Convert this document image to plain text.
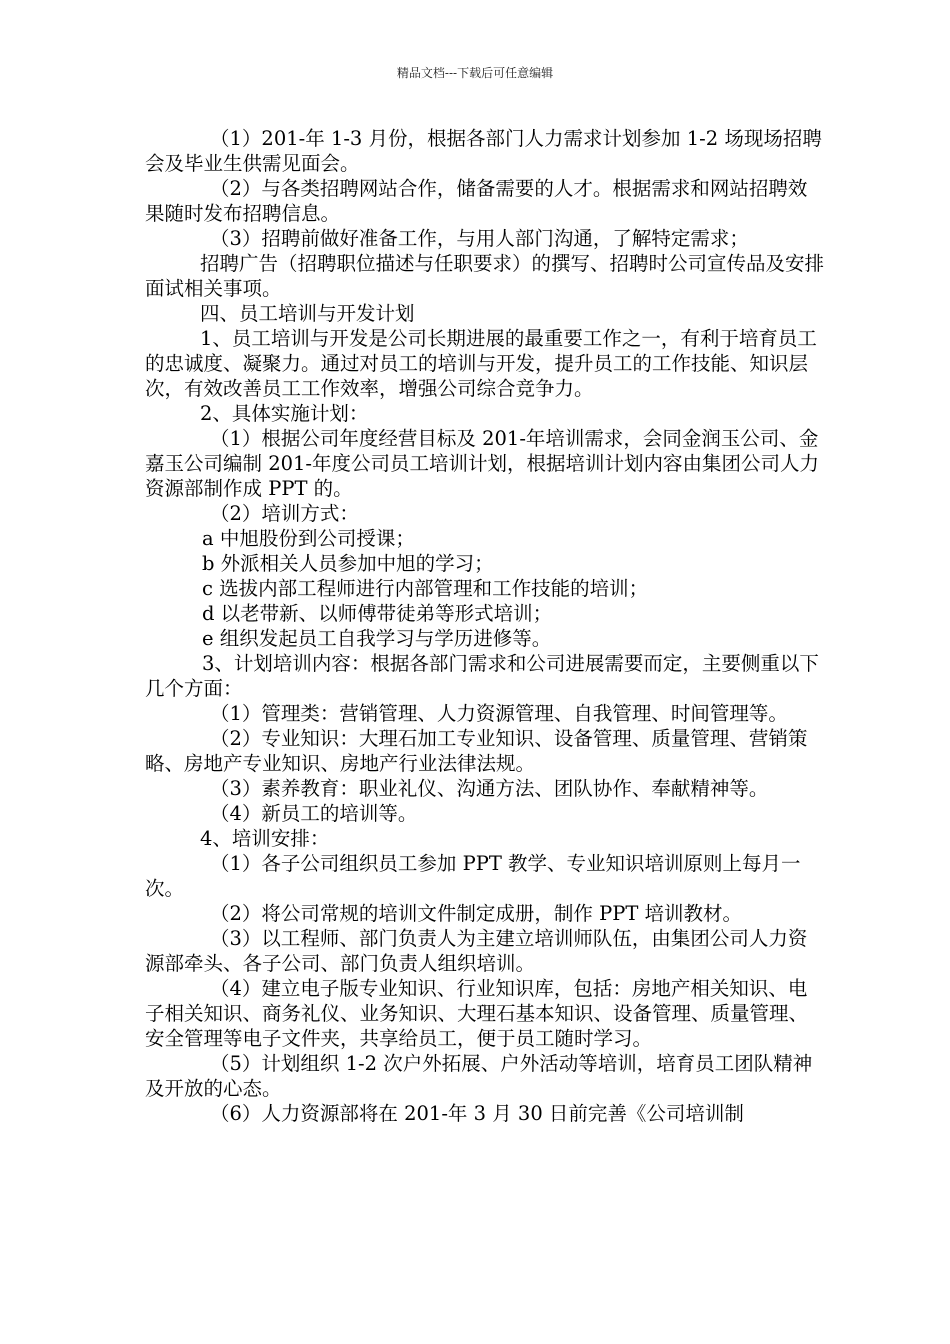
精品文档---下载后可任意编辑

（1）201-年 1-3 月份，根据各部门人力需求计划参加 1-2 场现场招聘会及毕业生供需见面会。

（2）与各类招聘网站合作，储备需要的人才。根据需求和网站招聘效果随时发布招聘信息。

（3）招聘前做好准备工作，与用人部门沟通，了解特定需求；

招聘广告（招聘职位描述与任职要求）的撰写、招聘时公司宣传品及安排面试相关事项。

四、员工培训与开发计划

1、员工培训与开发是公司长期进展的最重要工作之一，有利于培育员工的忠诚度、凝聚力。通过对员工的培训与开发，提升员工的工作技能、知识层次，有效改善员工工作效率，增强公司综合竞争力。

2、具体实施计划：

（1）根据公司年度经营目标及 201-年培训需求，会同金润玉公司、金嘉玉公司编制 201-年度公司员工培训计划，根据培训计划内容由集团公司人力资源部制作成 PPT 的。

（2）培训方式：

a 中旭股份到公司授课；

b 外派相关人员参加中旭的学习；

c 选拔内部工程师进行内部管理和工作技能的培训；

d 以老带新、以师傅带徒弟等形式培训；

e 组织发起员工自我学习与学历进修等。

3、计划培训内容：根据各部门需求和公司进展需要而定，主要侧重以下几个方面：

（1）管理类：营销管理、人力资源管理、自我管理、时间管理等。

（2）专业知识：大理石加工专业知识、设备管理、质量管理、营销策略、房地产专业知识、房地产行业法律法规。

（3）素养教育：职业礼仪、沟通方法、团队协作、奉献精神等。

（4）新员工的培训等。

4、培训安排：

（1）各子公司组织员工参加 PPT 教学、专业知识培训原则上每月一次。

（2）将公司常规的培训文件制定成册，制作 PPT 培训教材。

（3）以工程师、部门负责人为主建立培训师队伍，由集团公司人力资源部牵头、各子公司、部门负责人组织培训。

（4）建立电子版专业知识、行业知识库，包括：房地产相关知识、电子相关知识、商务礼仪、业务知识、大理石基本知识、设备管理、质量管理、安全管理等电子文件夹，共享给员工，便于员工随时学习。

（5）计划组织 1-2 次户外拓展、户外活动等培训，培育员工团队精神及开放的心态。

（6）人力资源部将在 201-年 3 月 30 日前完善《公司培训制
